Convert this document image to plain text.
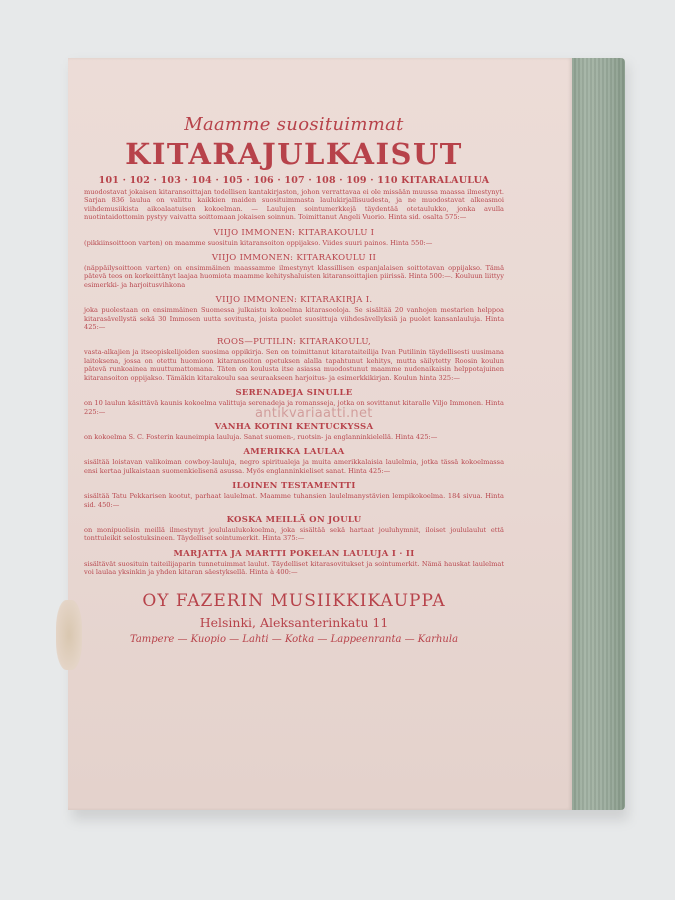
Maamme suosituimmat
KITARAJULKAISUT
101 · 102 · 103 · 104 · 105 · 106 · 107 · 108 · 109 · 110 KITARALAULUA

muodostavat jokaisen kitaransoittajan todellisen kantakirjaston, johon verrattavaa ei ole missään muussa maassa ilmestynyt. Sarjan 836 laulua on valittu kaikkien maiden suosituimmasta laulukirjallisuudesta, ja ne muodostavat alkeasmoi viihdemusiikista aikoalaatuisen kokoelman. — Laulujen sointumerkkejä täydentää otetaulukko, jonka avulla nuotintaidottomin pystyy vaivatta soittomaan jokaisen soinnun. Toimittanut Angeli Vuorio. Hinta sid. osalta 575:—

VIIJO IMMONEN: KITARAKOULU I

(pikkiinsoittoon varten) on maamme suosituin kitaransoiton oppijakso. Viides suuri painos. Hinta 550:—

VIIJO IMMONEN: KITARAKOULU II

(näppäilysoittoon varten) on ensimmäinen maassamme ilmestynyt klassillisen espanjalaisen soittotavan oppijakso. Tämä pätevä teos on korkeittänyt laajaa huomiota maamme kehityshaluisten kitaransoittajien piirissä. Hinta 500:—. Kouluun liittyy esimerkki- ja harjoitusvihkona

VIIJO IMMONEN: KITARAKIRJA I.

joka puolestaan on ensimmäinen Suomessa julkaistu kokoelma kitarasooloja. Se sisältää 20 vanhojen mestarien helppoa kitarasävellystä sekä 30 Immosen uutta sovitusta, joista puolet suosittuja viihdesävellyksiä ja puolet kansanlauluja. Hinta 425:—

ROOS—PUTILIN: KITARAKOULU,

vasta-alkajien ja itseopiskelijoiden suosima oppikirja. Sen on toimittanut kitarataiteilija Ivan Putilinin täydellisesti uusimana laitoksena, jossa on otettu huomioon kitaransoiton opetuksen alalla tapahtunut kehitys, mutta säilytetty Roosin koulun pätevä runkoainea muuttumattomana. Täten on koulusta itse asiassa muodostunut maamme nudenaikaisin helppotajuinen kitaransoiton oppijakso. Tämäkin kitarakoulu saa seuraakseen harjoitus- ja esimerkkikirjan. Koulun hinta 325:—

SERENADEJA SINULLE

on 10 laulun käsittävä kaunis kokoelma valittuja serenadeja ja romansseja, jotka on sovittanut kitaralle Viljo Immonen. Hinta 225:—

VANHA KOTINI KENTUCKYSSA

on kokoelma S. C. Fosterin kauneimpia lauluja. Sanat suomen-, ruotsin- ja englanninkielellä. Hinta 425:—

AMERIKKA LAULAA

sisältää loistavan valikoiman cowboy-lauluja, negro spiritualeja ja muita amerikkalaisia laulelmia, jotka tässä kokoelmassa ensi kertaa julkaistaan suomenkielisenä asussa. Myös englanninkieliset sanat. Hinta 425:—

ILOINEN TESTAMENTTI

sisältää Tatu Pekkarisen kootut, parhaat laulelmat. Maamme tuhansien laulelmanystävien lempikokoelma. 184 sivua. Hinta sid. 450:—

KOSKA MEILLÄ ON JOULU

on monipuolisin meillä ilmestynyt joululaulukokoelma, joka sisältää sekä hartaat jouluhymnit, iloiset joululaulut että tonttuleikit selostuksineen. Täydelliset sointumerkit. Hinta 375:—

MARJATTA JA MARTTI POKELAN LAULUJA I · II

sisältävät suosituin taiteilijaparin tunnetuimmat laulut. Täydelliset kitarasovitukset ja sointumerkit. Nämä hauskat laulelmat voi laulaa yksinkin ja yhden kitaran säestyksellä. Hinta à 400:—

OY FAZERIN MUSIIKKIKAUPPA
Helsinki, Aleksanterinkatu 11
Tampere — Kuopio — Lahti — Kotka — Lappeenranta — Karhula
antikvariaatti.net
